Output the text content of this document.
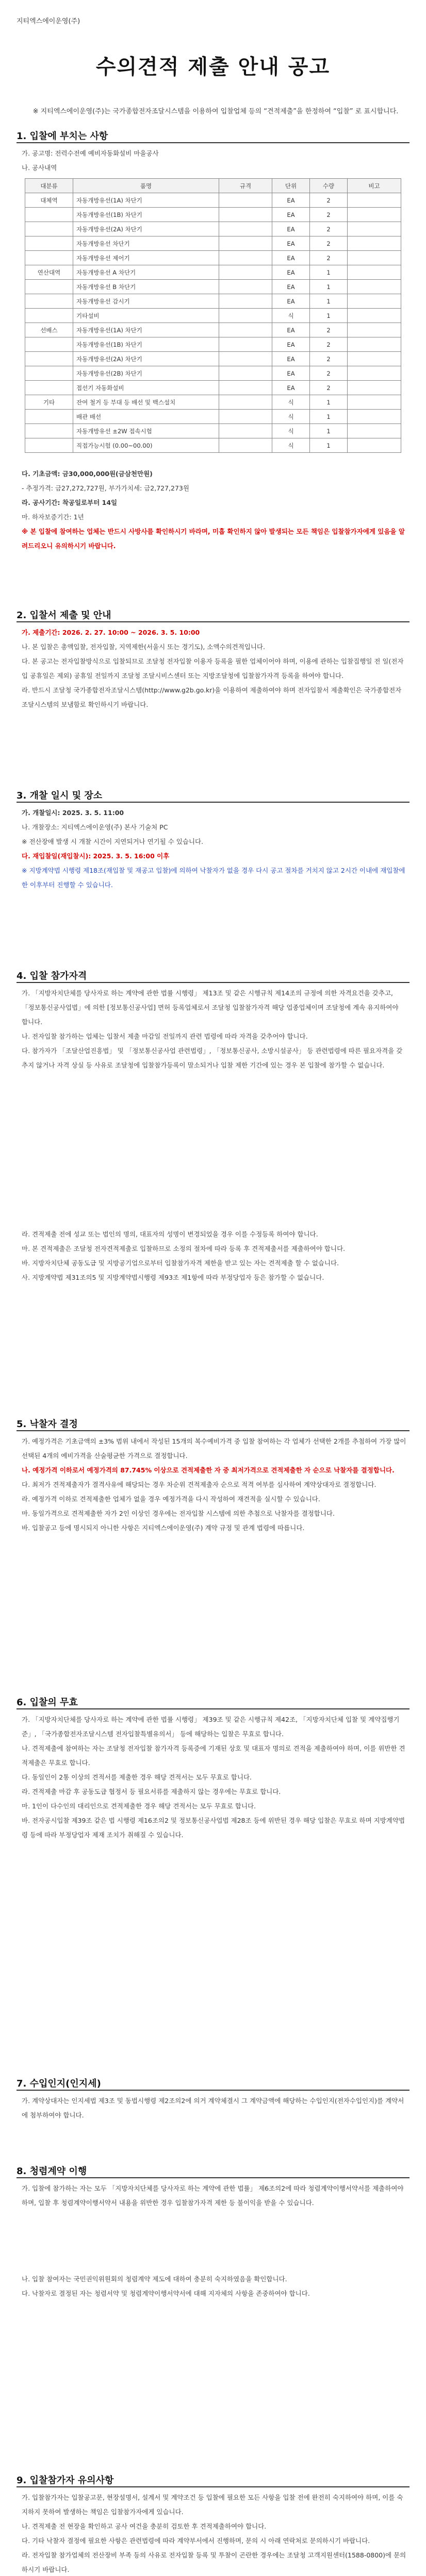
지티엑스에이운영(주)
수의견적 제출 안내 공고
※ 지티엑스에이운영(주)는 국가종합전자조달시스템을 이용하여 입찰업체 등의 “견적제출”을 한정하여 “입찰” 로 표시합니다.
1. 입찰에 부치는 사항
가. 공고명: 전력수전예 예비자동화설비 마을공사
나. 공사내역
대분류	품명	규격	단위	수량	비고
대체역	자동개방유선(1A) 차단기		EA	2	
	자동개방유선(1B) 차단기		EA	2	
	자동개방유선(2A) 차단기		EA	2	
	자동개방유선 차단기		EA	2	
	자동개방유선 제어기		EA	2	
연산대역	자동개방유선 A 차단기		EA	1	
	자동개방유선 B 차단기		EA	1	
	자동개방유선 감시기		EA	1	
	기타설비		식	1	
선배스	자동개방유선(1A) 차단기		EA	2	
	자동개방유선(1B) 차단기		EA	2	
	자동개방유선(2A) 차단기		EA	2	
	자동개방유선(2B) 차단기		EA	2	
	접선기 자동화설비		EA	2	
기타	잔여 철거 등 부대 등 배선 및 백스설치		식	1	
	배관 배선		식	1	
	자동개방유선 ±2W 접속시험		식	1	
	직접가능시험 (0.00~00.00)		식	1	
다. 기초금액: 금30,000,000원(금삼천만원)
- 추정가격: 금27,272,727원, 부가가치세: 금2,727,273원
라. 공사기간: 착공일로부터 14일
마. 하자보증기간: 1년
※ 본 입찰에 참여하는 업체는 반드시 사방사를 확인하시기 바라며, 미흡 확인하지 않아 발생되는 모든 책임은 입찰참가자에게 있음을 알려드리오니 유의하시기 바랍니다.
2. 입찰서 제출 및 안내
가. 제출기간: 2026. 2. 27. 10:00 ~ 2026. 3. 5. 10:00
나. 본 입찰은 총액입찰, 전자입찰, 지역제한(서울시 또는 경기도), 소액수의견적입니다.
다. 본 공고는 전자입찰방식으로 입찰되므로 조달청 전자입찰 이용자 등록을 필한 업체이어야 하며, 이용에 관하는 입찰집행일 전 일(전자입 공휴일은 제외) 공휴일 전일까지 조달청 조달시비스센터 또는 지방조달청에 입찰참가자격 등록을 하여야 합니다.
라. 반드시 조달청 국가종합전자조달시스템(http://www.g2b.go.kr)을 이용하여 제출하여야 하며 전자입찰서 제출확인은 국가종합전자조달시스템의 보냄함로 확인하시기 바랍니다.
3. 개찰 일시 및 장소
가. 개찰일시: 2025. 3. 5. 11:00
나. 개찰장소: 지티엑스에이운영(주) 본사 기술처 PC
※ 전산장애 발생 시 개찰 시간이 지연되거나 연기될 수 있습니다.
다. 재입찰일(재입찰시): 2025. 3. 5. 16:00 이후
※ 지방계약법 시행령 제18조(재입찰 및 재공고 입찰)에 의하여 낙찰자가 없을 경우 다시 공고 절차를 거치지 않고 2시간 이내에 재입찰에 한 이후부터 진행할 수 있습니다.
4. 입찰 참가자격
가. 「지방자치단체를 당사자로 하는 계약에 관한 법률 시행령」 제13조 및 같은 시행규칙 제14조의 규정에 의한 자격요건을 갖추고, 「정보통신공사업법」에 의한 [정보통신공사업] 면허 등록업체로서 조달청 입찰참가자격 해당 업종업체이며 조달청에 계속 유지하여야 합니다.
나. 전자입찰 참가하는 업체는 입찰서 제출 마감일 전일까지 관련 법령에 따라 자격을 갖추어야 합니다.
다. 참가자가 「조달산업진흥법」 및 「정보통신공사업 관련법령」, 「정보통신공사, 소방시설공사」 등 관련법령에 따른 필요자격을 갖추지 않거나 자격 상실 등 사유로 조달청에 입찰참가등록이 말소되거나 입찰 제한 기간에 있는 경우 본 입찰에 참가할 수 없습니다.
라. 견적제출 전에 성교 또는 법인의 명의, 대표자의 성명이 변경되었을 경우 이를 수정등록 하여야 합니다.
마. 본 견적제출은 조달청 전자견적제출로 입찰하므로 소정의 절차에 따라 등록 후 견적제출서를 제출하여야 합니다.
바. 지방자치단체 공동도급 및 지방공기업으로부터 입찰참가자격 제한을 받고 있는 자는 견적제출 할 수 없습니다.
사. 지방계약법 제31조의5 및 지방계약법시행령 제93조 제1항에 따라 부정당업자 등은 참가할 수 없습니다.
5. 낙찰자 결정
가. 예정가격은 기초금액의 ±3% 범위 내에서 작성된 15개의 복수예비가격 중 입찰 참여하는 각 업체가 선택한 2개를 추첨하여 가장 많이 선택된 4개의 예비가격을 산술평균한 가격으로 결정합니다.
나. 예정가격 이하로서 예정가격의 87.745% 이상으로 견적제출한 자 중 최저가격으로 견적제출한 자 순으로 낙찰자를 결정합니다.
다. 최저가 견적제출자가 결격사유에 해당되는 경우 차순위 견적제출자 순으로 적격 여부를 심사하여 계약상대자로 결정합니다.
라. 예정가격 이하로 견적제출한 업체가 없을 경우 예정가격을 다시 작성하여 재견적을 실시할 수 있습니다.
마. 동일가격으로 견적제출한 자가 2인 이상인 경우에는 전자입찰 시스템에 의한 추첨으로 낙찰자를 결정합니다.
바. 입찰공고 등에 명시되지 아니한 사항은 지티엑스에이운영(주) 계약 규정 및 관계 법령에 따릅니다.
6. 입찰의 무효
가. 「지방자치단체를 당사자로 하는 계약에 관한 법률 시행령」 제39조 및 같은 시행규칙 제42조, 「지방자치단체 입찰 및 계약집행기준」, 「국가종합전자조달시스템 전자입찰특별유의서」 등에 해당하는 입찰은 무효로 합니다.
나. 견적제출에 참여하는 자는 조달청 전자입찰 참가자격 등록증에 기재된 상호 및 대표자 명의로 견적을 제출하여야 하며, 이를 위반한 견적제출은 무효로 합니다.
다. 동일인이 2통 이상의 견적서를 제출한 경우 해당 견적서는 모두 무효로 합니다.
라. 견적제출 마감 후 공동도급 협정서 등 필요서류를 제출하지 않는 경우에는 무효로 합니다.
마. 1인이 다수인의 대리인으로 견적제출한 경우 해당 견적서는 모두 무효로 합니다.
바. 전자공시입찰 제39조 같은 법 시행령 제16조의2 및 정보통신공사업법 제28조 등에 위반된 경우 해당 입찰은 무효로 하며 지방계약법령 등에 따라 부정당업자 제재 조치가 취해질 수 있습니다.
7. 수입인지(인지세)
가. 계약상대자는 인지세법 제3조 및 동법시행령 제2조의2에 의거 계약체결시 그 계약금액에 해당하는 수입인지(전자수입인지)를 계약서에 첨부하여야 합니다.
8. 청렴계약 이행
가. 입찰에 참가하는 자는 모두 「지방자치단체를 당사자로 하는 계약에 관한 법률」 제6조의2에 따라 청렴계약이행서약서를 제출하여야 하며, 입찰 후 청렴계약이행서약서 내용을 위반한 경우 입찰참가자격 제한 등 불이익을 받을 수 있습니다.
나. 입찰 참여자는 국민권익위원회의 청렴계약 제도에 대하여 충분히 숙지하였음을 확인합니다.
다. 낙찰자로 결정된 자는 청렴서약 및 청렴계약이행서약서에 대해 지자체의 사항을 존중하여야 합니다.
9. 입찰참가자 유의사항
가. 입찰참가자는 입찰공고문, 현장설명서, 설계서 및 계약조건 등 입찰에 필요한 모든 사항을 입찰 전에 완전히 숙지하여야 하며, 이를 숙지하지 못하여 발생하는 책임은 입찰참가자에게 있습니다.
나. 견적제출 전 현장을 확인하고 공사 여건을 충분히 검토한 후 견적제출하여야 합니다.
다. 기타 낙찰자 결정에 필요한 사항은 관련법령에 따라 계약부서에서 진행하며, 문의 시 아래 연락처로 문의하시기 바랍니다.
라. 전자입찰 참가업체의 전산장비 부족 등의 사유로 전자입찰 등록 및 투찰이 곤란한 경우에는 조달청 고객지원센터(1588-0800)에 문의하시기 바랍니다.
